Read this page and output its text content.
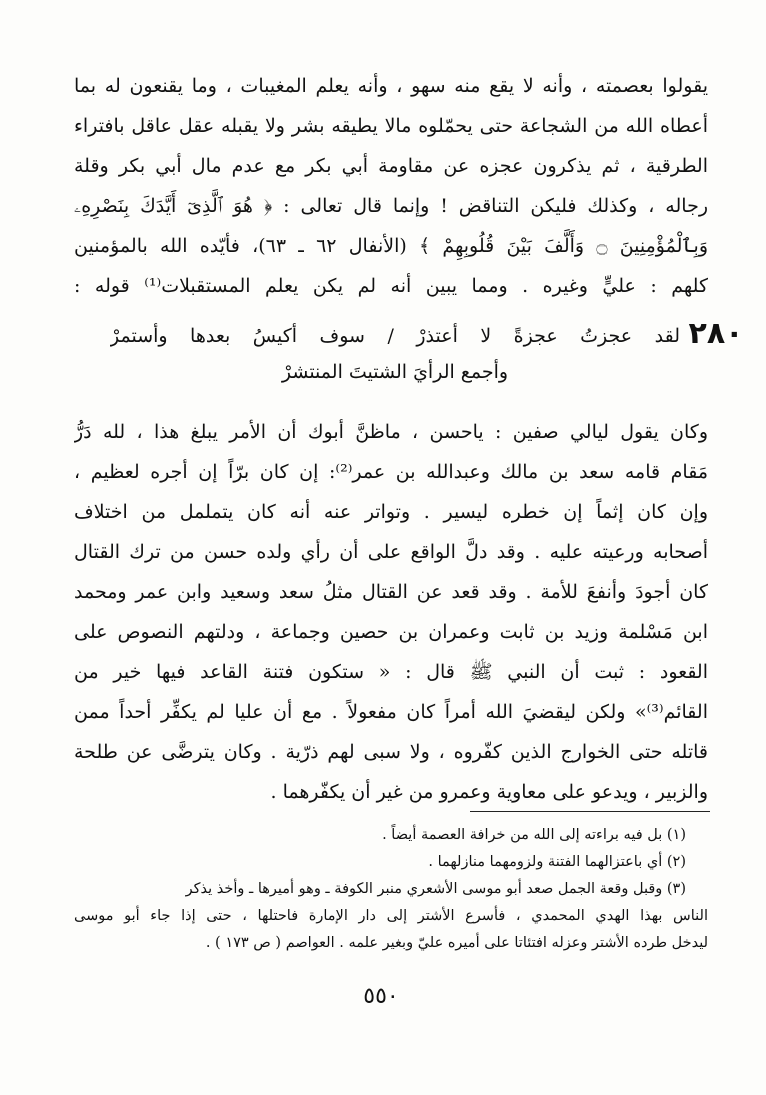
يقولوا بعصمته ، وأنه لا يقع منه سهو ، وأنه يعلم المغيبات ، وما يقنعون له بما

أعطاه الله من الشجاعة حتى يحمّلوه مالا يطيقه بشر ولا يقبله عقل عاقل بافتراء

الطرقية ، ثم يذكرون عجزه عن مقاومة أبي بكر مع عدم مال أبي بكر وقلة

رجاله ، وكذلك فليكن التناقض ! وإنما قال تعالى : ﴿ هُوَ ٱلَّذِىٓ أَيَّدَكَ بِنَصْرِهِۦ

وَبِٱلْمُؤْمِنِينَ ۝ وَأَلَّفَ بَيْنَ قُلُوبِهِمْ ﴾ (الأنفال ٦٢ ـ ٦٣)، فأيّده الله بالمؤمنين

كلهم : عليٍّ وغيره . ومما يبين أنه لم يكن يعلم المستقبلات⁽¹⁾ قوله :

٢٨٠

لقد عجزتُ عجزةً لا أعتذرْ / سوف أكيسُ بعدها وأستمرْ

وأجمع الرأيَ الشتيتَ المنتشرْ

وكان يقول ليالي صفين : ياحسن ، ماظنَّ أبوك أن الأمر يبلغ هذا ، لله دَرُّ

مَقام قامه سعد بن مالك وعبدالله بن عمر⁽²⁾: إن كان برّاً إن أجره لعظيم ،

وإن كان إثماً إن خطره ليسير . وتواتر عنه أنه كان يتململ من اختلاف

أصحابه ورعيته عليه . وقد دلَّ الواقع على أن رأي ولده حسن من ترك القتال

كان أجودَ وأنفعَ للأمة . وقد قعد عن القتال مثلُ سعد وسعيد وابن عمر ومحمد

ابن مَسْلمة وزيد بن ثابت وعمران بن حصين وجماعة ، ودلتهم النصوص على

القعود : ثبت أن النبي ﷺ قال : « ستكون فتنة القاعد فيها خير من

القائم⁽³⁾» ولكن ليقضيَ الله أمراً كان مفعولاً . مع أن عليا لم يكفِّر أحداً ممن

قاتله حتى الخوارج الذين كفّروه ، ولا سبى لهم ذرّية . وكان يترضَّى عن طلحة

والزبير ، ويدعو على معاوية وعمرو من غير أن يكفّرهما .

(١) بل فيه براءته إلى الله من خرافة العصمة أيضاً .

(٢) أي باعتزالهما الفتنة ولزومهما منازلهما .

(٣) وقبل وقعة الجمل صعد أبو موسى الأشعري منبر الكوفة ـ وهو أميرها ـ وأخذ يذكر

الناس بهذا الهدي المحمدي ، فأسرع الأشتر إلى دار الإمارة فاحتلها ، حتى إذا جاء أبو موسى

ليدخل طرده الأشتر وعزله افتئاتا على أميره عليّ وبغير علمه . العواصم ( ص ١٧٣ ) .

٥٥٠
